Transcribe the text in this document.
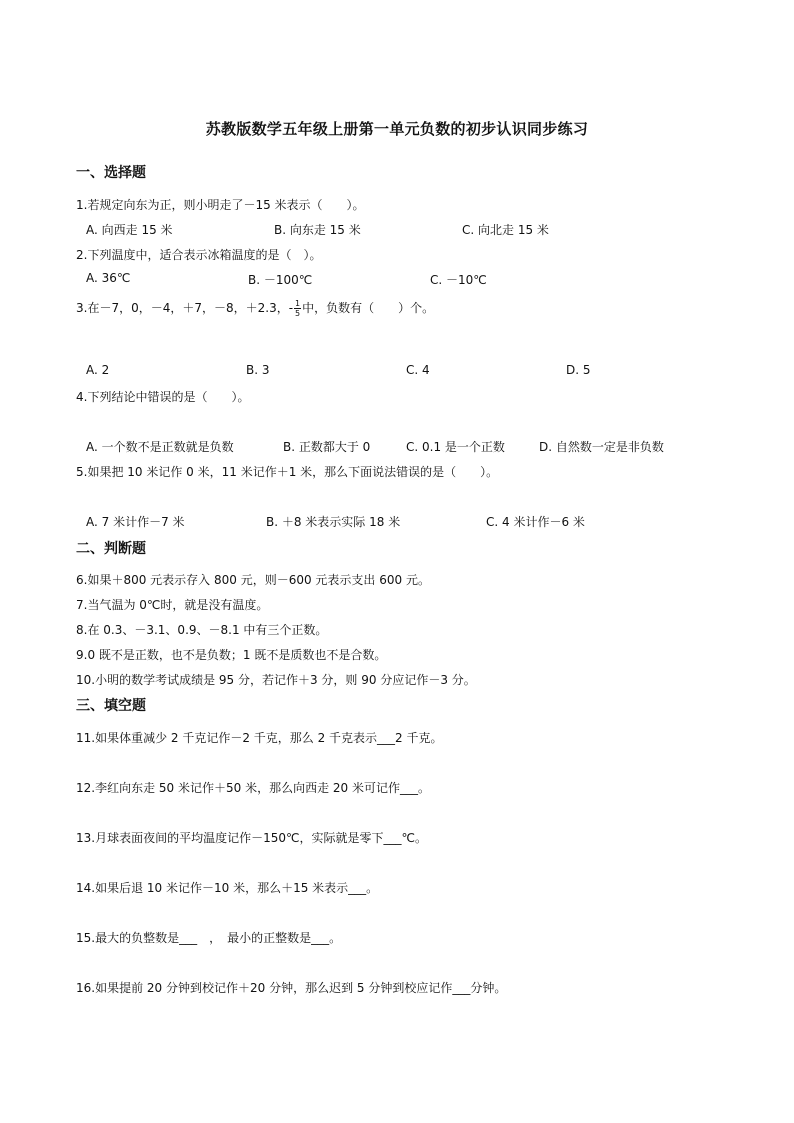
苏教版数学五年级上册第一单元负数的初步认识同步练习
一、选择题
1.若规定向东为正，则小明走了－15 米表示（　　）。
A. 向西走 15 米	B. 向东走 15 米	C. 向北走 15 米
2.下列温度中，适合表示冰箱温度的是（　）。
A. 36℃	B. －100℃	C. －10℃
3.在－7，0，－4，＋7，－8，＋2.3，- $\frac{1}{5}$ 中，负数有（　　）个。
A. 2	B. 3	C. 4	D. 5
4.下列结论中错误的是（　　）。
A. 一个数不是正数就是负数	B. 正数都大于 0	C. 0.1 是一个正数	D. 自然数一定是非负数
5.如果把 10 米记作 0 米，11 米记作＋1 米，那么下面说法错误的是（　　）。
A. 7 米计作－7 米	B. ＋8 米表示实际 18 米	C. 4 米计作－6 米
二、判断题
6.如果＋800 元表示存入 800 元，则－600 元表示支出 600 元。
7.当气温为 0℃时，就是没有温度。
8.在 0.3、－3.1、0.9、－8.1 中有三个正数。
9.0 既不是正数，也不是负数；1 既不是质数也不是合数。
10.小明的数学考试成绩是 95 分，若记作＋3 分，则 90 分应记作－3 分。
三、填空题
11.如果体重减少 2 千克记作－2 千克，那么 2 千克表示___2 千克。
12.李红向东走 50 米记作＋50 米，那么向西走 20 米可记作___。
13.月球表面夜间的平均温度记作－150℃，实际就是零下___℃。
14.如果后退 10 米记作－10 米，那么＋15 米表示___。
15.最大的负整数是___　，　最小的正整数是___。
16.如果提前 20 分钟到校记作＋20 分钟，那么迟到 5 分钟到校应记作___分钟。
